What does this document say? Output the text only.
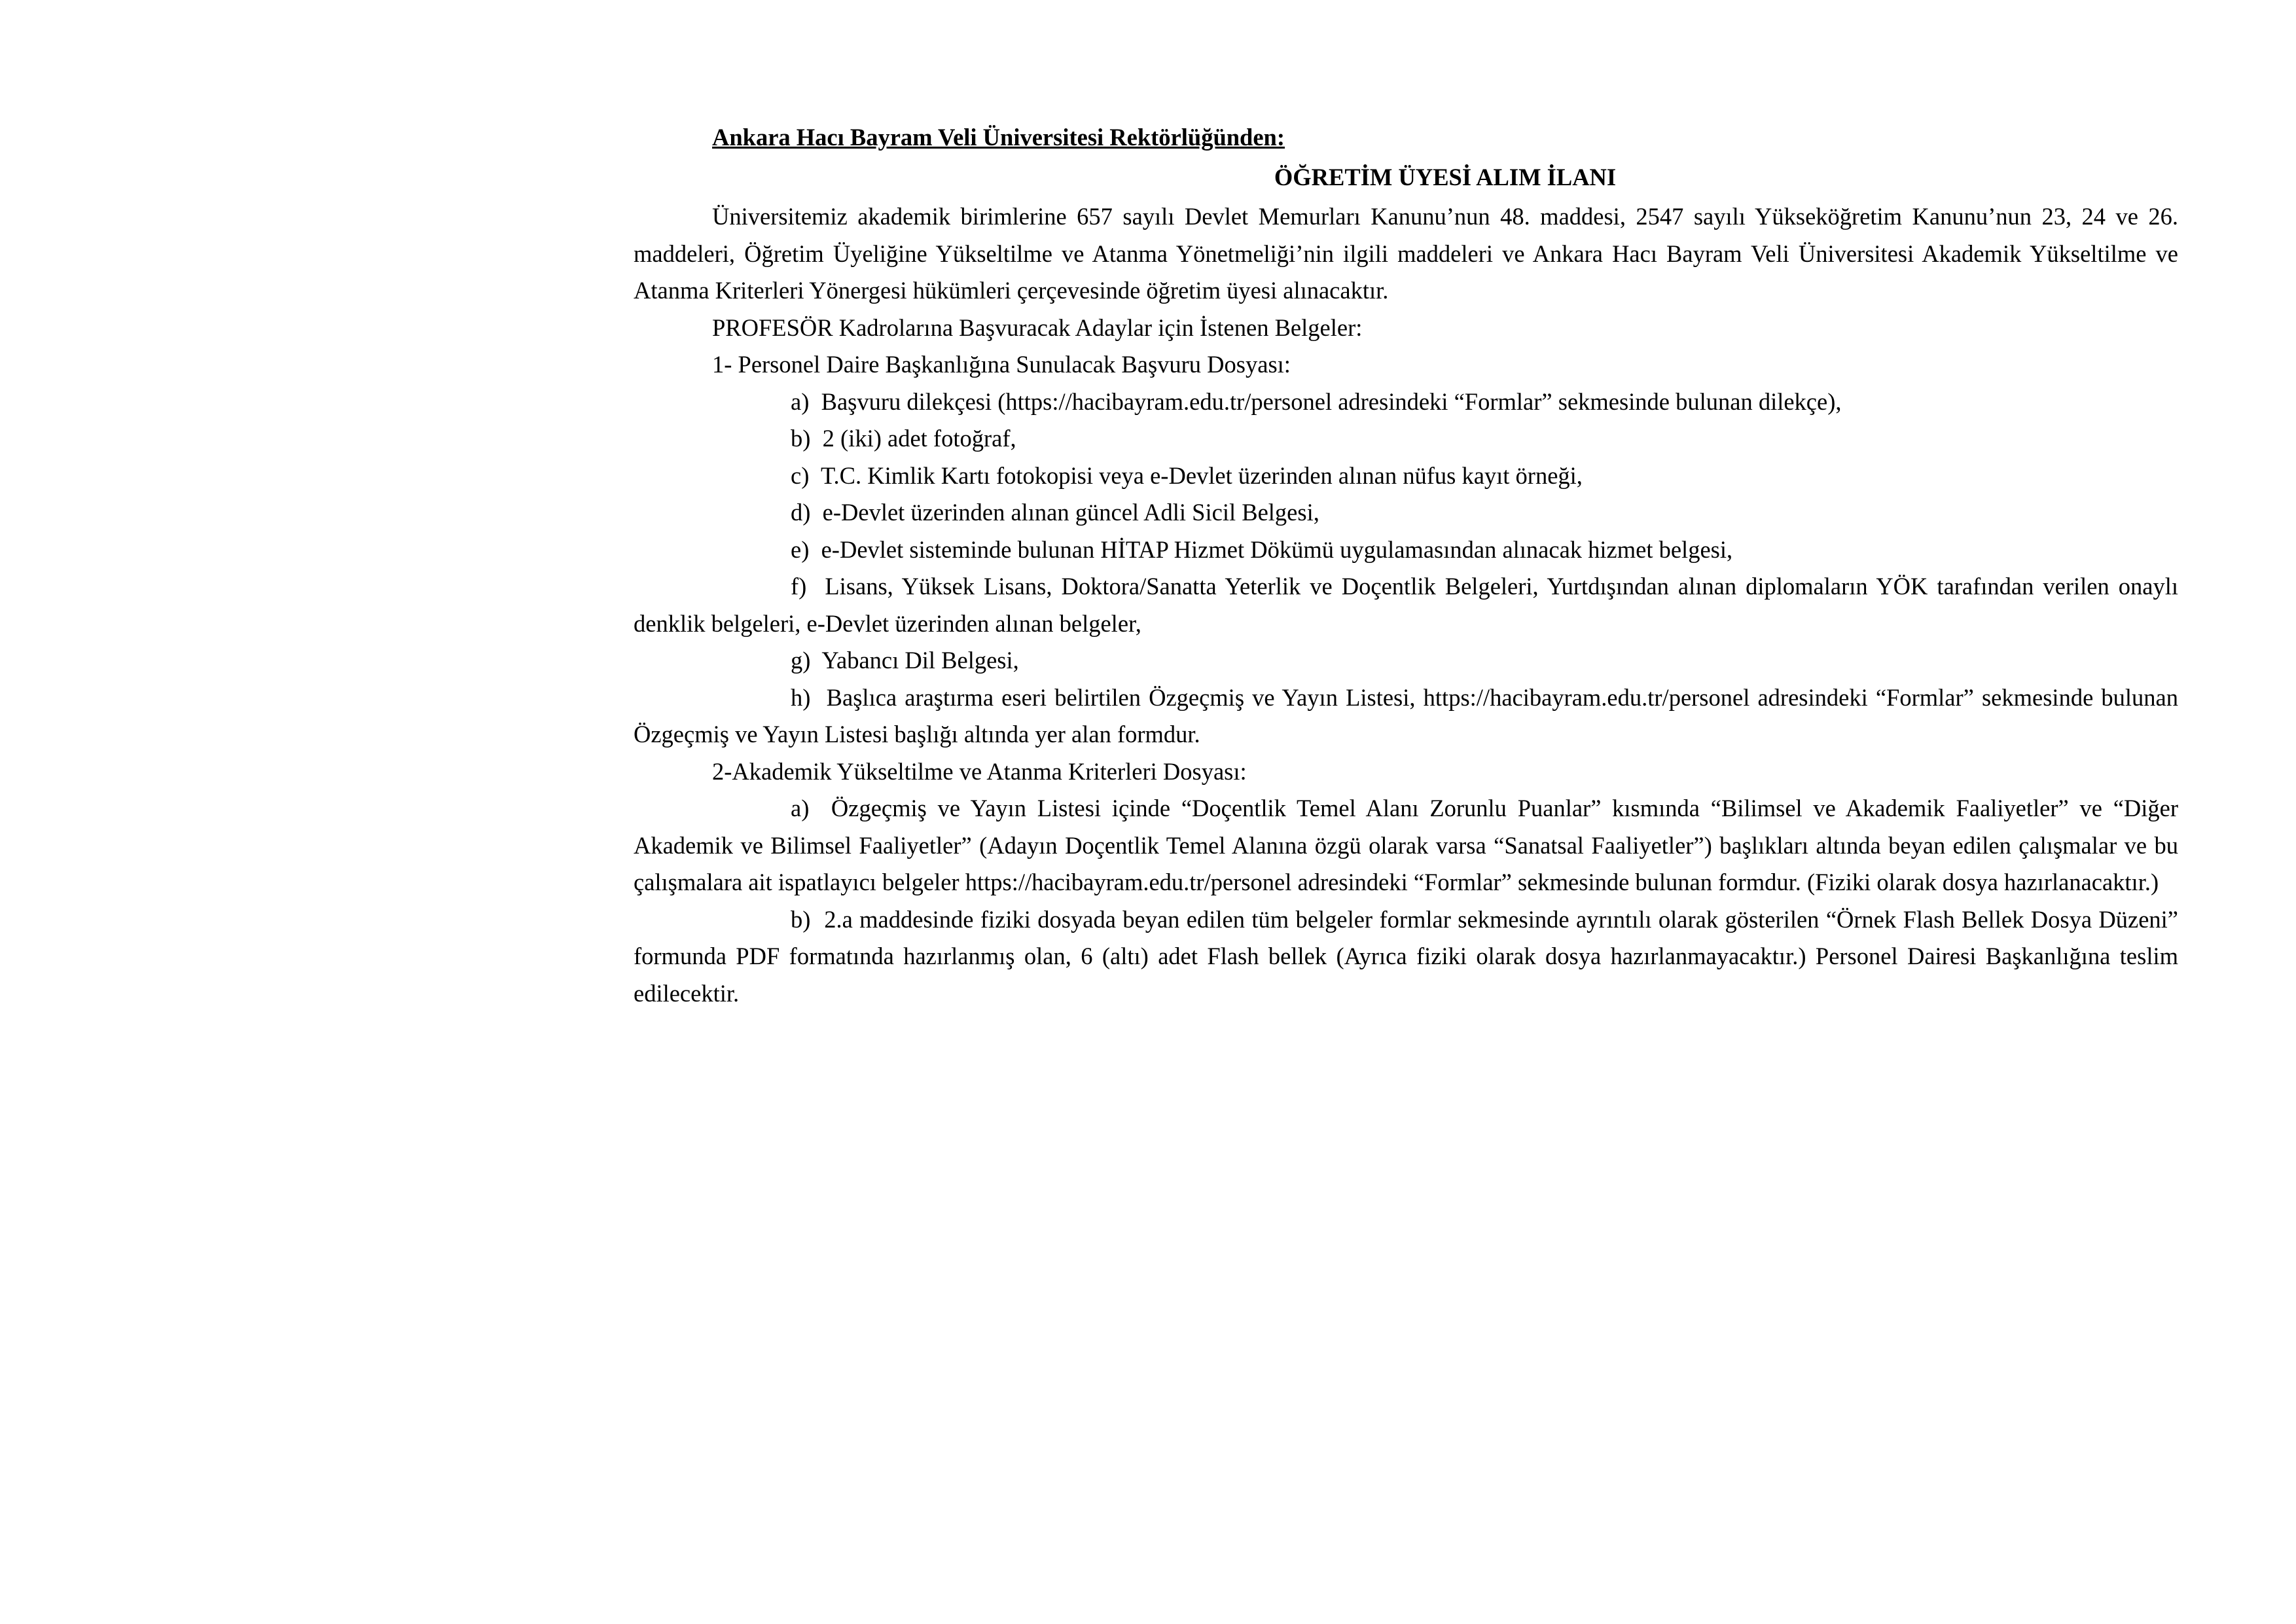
Ankara Hacı Bayram Veli Üniversitesi Rektörlüğünden:

ÖĞRETİM ÜYESİ ALIM İLANI

Üniversitemiz akademik birimlerine 657 sayılı Devlet Memurları Kanunu’nun 48. maddesi, 2547 sayılı Yükseköğretim Kanunu’nun 23, 24 ve 26. maddeleri, Öğretim Üyeliğine Yükseltilme ve Atanma Yönetmeliği’nin ilgili maddeleri ve Ankara Hacı Bayram Veli Üniversitesi Akademik Yükseltilme ve Atanma Kriterleri Yönergesi hükümleri çerçevesinde öğretim üyesi alınacaktır.

PROFESÖR Kadrolarına Başvuracak Adaylar için İstenen Belgeler:

1- Personel Daire Başkanlığına Sunulacak Başvuru Dosyası:

a) Başvuru dilekçesi (https://hacibayram.edu.tr/personel adresindeki “Formlar” sekmesinde bulunan dilekçe),

b) 2 (iki) adet fotoğraf,

c) T.C. Kimlik Kartı fotokopisi veya e-Devlet üzerinden alınan nüfus kayıt örneği,

d) e-Devlet üzerinden alınan güncel Adli Sicil Belgesi,

e) e-Devlet sisteminde bulunan HİTAP Hizmet Dökümü uygulamasından alınacak hizmet belgesi,

f) Lisans, Yüksek Lisans, Doktora/Sanatta Yeterlik ve Doçentlik Belgeleri, Yurtdışından alınan diplomaların YÖK tarafından verilen onaylı denklik belgeleri, e-Devlet üzerinden alınan belgeler,

g) Yabancı Dil Belgesi,

h) Başlıca araştırma eseri belirtilen Özgeçmiş ve Yayın Listesi, https://hacibayram.edu.tr/personel adresindeki “Formlar” sekmesinde bulunan Özgeçmiş ve Yayın Listesi başlığı altında yer alan formdur.

2-Akademik Yükseltilme ve Atanma Kriterleri Dosyası:

a) Özgeçmiş ve Yayın Listesi içinde “Doçentlik Temel Alanı Zorunlu Puanlar” kısmında “Bilimsel ve Akademik Faaliyetler” ve “Diğer Akademik ve Bilimsel Faaliyetler” (Adayın Doçentlik Temel Alanına özgü olarak varsa “Sanatsal Faaliyetler”) başlıkları altında beyan edilen çalışmalar ve bu çalışmalara ait ispatlayıcı belgeler https://hacibayram.edu.tr/personel adresindeki “Formlar” sekmesinde bulunan formdur. (Fiziki olarak dosya hazırlanacaktır.)

b) 2.a maddesinde fiziki dosyada beyan edilen tüm belgeler formlar sekmesinde ayrıntılı olarak gösterilen “Örnek Flash Bellek Dosya Düzeni” formunda PDF formatında hazırlanmış olan, 6 (altı) adet Flash bellek (Ayrıca fiziki olarak dosya hazırlanmayacaktır.) Personel Dairesi Başkanlığına teslim edilecektir.
